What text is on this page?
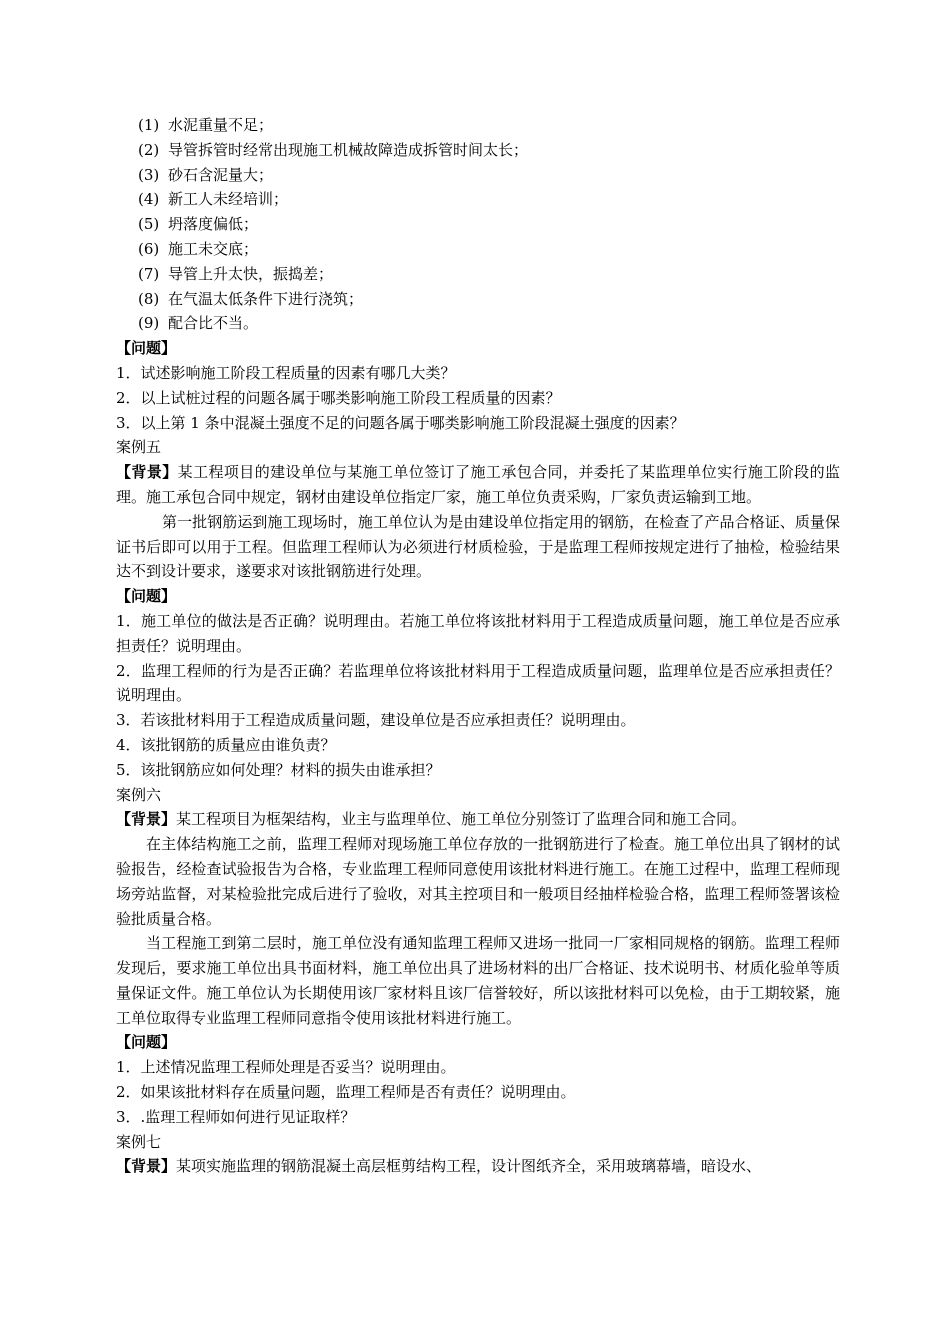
(1) 水泥重量不足；
(2) 导管拆管时经常出现施工机械故障造成拆管时间太长；
(3) 砂石含泥量大；
(4) 新工人未经培训；
(5) 坍落度偏低；
(6) 施工未交底；
(7) 导管上升太快，振捣差；
(8) 在气温太低条件下进行浇筑；
(9) 配合比不当。
【问题】
1．试述影响施工阶段工程质量的因素有哪几大类？
2．以上试桩过程的问题各属于哪类影响施工阶段工程质量的因素？
3．以上第 1 条中混凝土强度不足的问题各属于哪类影响施工阶段混凝土强度的因素？
案例五
【背景】某工程项目的建设单位与某施工单位签订了施工承包合同，并委托了某监理单位实行施工阶段的监理。施工承包合同中规定，钢材由建设单位指定厂家，施工单位负责采购，厂家负责运输到工地。
第一批钢筋运到施工现场时，施工单位认为是由建设单位指定用的钢筋，在检查了产品合格证、质量保证书后即可以用于工程。但监理工程师认为必须进行材质检验，于是监理工程师按规定进行了抽检，检验结果达不到设计要求，遂要求对该批钢筋进行处理。
【问题】
1．施工单位的做法是否正确？说明理由。若施工单位将该批材料用于工程造成质量问题，施工单位是否应承担责任？说明理由。
2．监理工程师的行为是否正确？若监理单位将该批材料用于工程造成质量问题，监理单位是否应承担责任？说明理由。
3．若该批材料用于工程造成质量问题，建设单位是否应承担责任？说明理由。
4．该批钢筋的质量应由谁负责？
5．该批钢筋应如何处理？材料的损失由谁承担？
案例六
【背景】某工程项目为框架结构，业主与监理单位、施工单位分别签订了监理合同和施工合同。
在主体结构施工之前，监理工程师对现场施工单位存放的一批钢筋进行了检查。施工单位出具了钢材的试验报告，经检查试验报告为合格，专业监理工程师同意使用该批材料进行施工。在施工过程中，监理工程师现场旁站监督，对某检验批完成后进行了验收，对其主控项目和一般项目经抽样检验合格，监理工程师签署该检验批质量合格。
当工程施工到第二层时，施工单位没有通知监理工程师又进场一批同一厂家相同规格的钢筋。监理工程师发现后，要求施工单位出具书面材料，施工单位出具了进场材料的出厂合格证、技术说明书、材质化验单等质量保证文件。施工单位认为长期使用该厂家材料且该厂信誉较好，所以该批材料可以免检，由于工期较紧，施工单位取得专业监理工程师同意指令使用该批材料进行施工。
【问题】
1．上述情况监理工程师处理是否妥当？说明理由。
2．如果该批材料存在质量问题，监理工程师是否有责任？说明理由。
3．.监理工程师如何进行见证取样？
案例七
【背景】某项实施监理的钢筋混凝土高层框剪结构工程，设计图纸齐全，采用玻璃幕墙，暗设水、
